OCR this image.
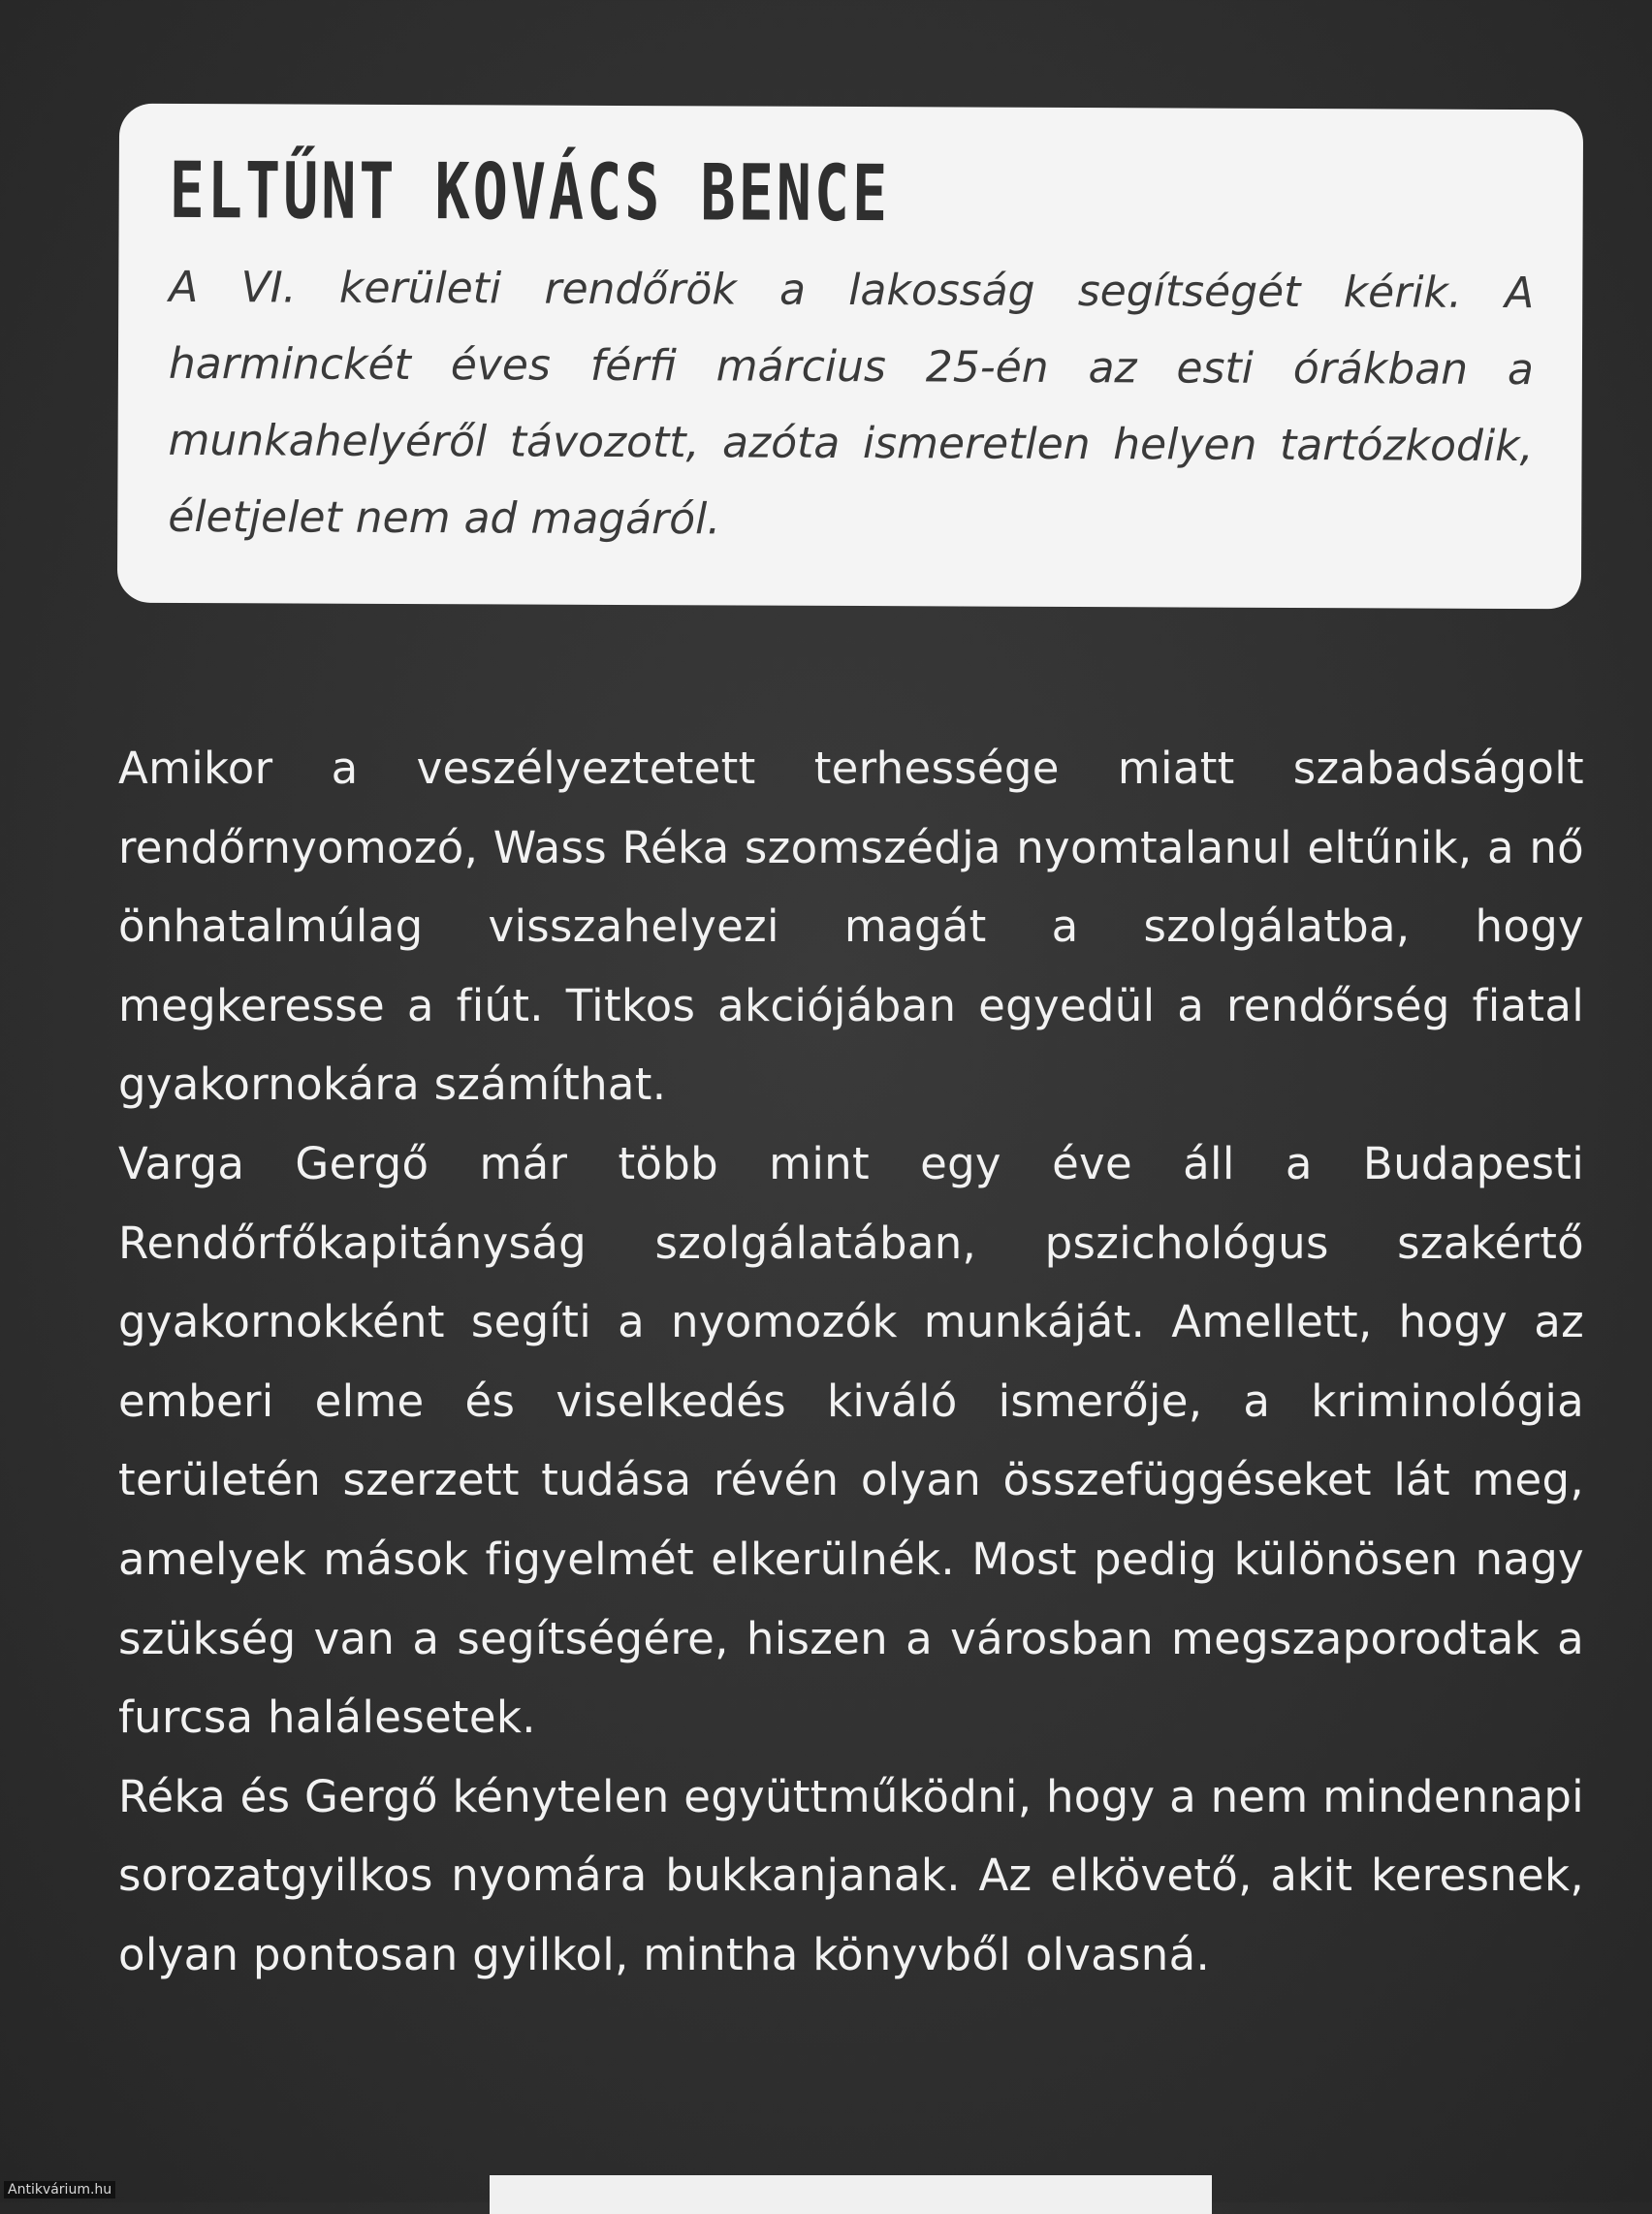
ELTŰNT KOVÁCS BENCE

A VI. kerületi rendőrök a lakosság segítségét kérik. A harminckét éves férfi március 25-én az esti órákban a munkahelyéről távozott, azóta ismeretlen helyen tartózkodik, életjelet nem ad magáról.

Amikor a veszélyeztetett terhessége miatt szabadságolt rendőrnyomozó, Wass Réka szomszédja nyomtalanul eltűnik, a nő önhatalmúlag visszahelyezi magát a szolgálatba, hogy megkeresse a fiút. Titkos akciójában egyedül a rendőrség fiatal gyakornokára számíthat.

Varga Gergő már több mint egy éve áll a Budapesti Rendőrfőkapitányság szolgálatában, pszichológus szakértő gyakornokként segíti a nyomozók munkáját. Amellett, hogy az emberi elme és viselkedés kiváló ismerője, a kriminológia területén szerzett tudása révén olyan összefüggéseket lát meg, amelyek mások figyelmét elkerülnék. Most pedig különösen nagy szükség van a segítségére, hiszen a városban megszaporodtak a furcsa halálesetek.

Réka és Gergő kénytelen együttműködni, hogy a nem mindennapi sorozatgyilkos nyomára bukkanjanak. Az elkövető, akit keresnek, olyan pontosan gyilkol, mintha könyvből olvasná.

Antikvárium.hu
